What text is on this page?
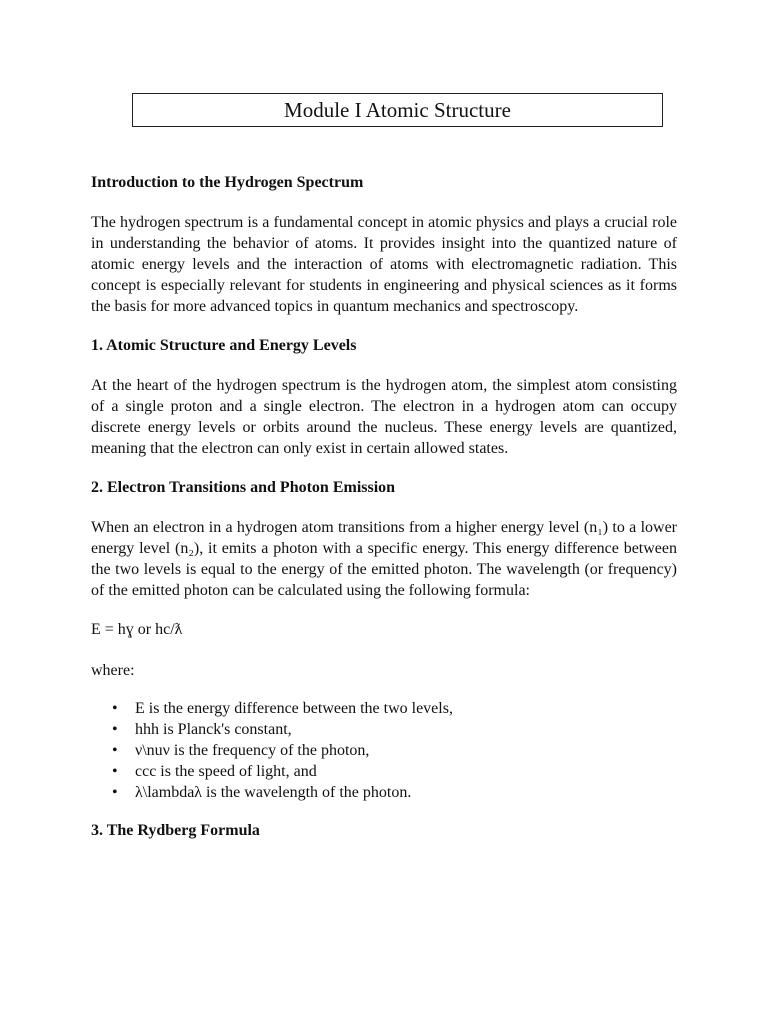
Module I Atomic Structure

Introduction to the Hydrogen Spectrum

The hydrogen spectrum is a fundamental concept in atomic physics and plays a crucial role in understanding the behavior of atoms. It provides insight into the quantized nature of atomic energy levels and the interaction of atoms with electromagnetic radiation. This concept is especially relevant for students in engineering and physical sciences as it forms the basis for more advanced topics in quantum mechanics and spectroscopy.

1. Atomic Structure and Energy Levels

At the heart of the hydrogen spectrum is the hydrogen atom, the simplest atom consisting of a single proton and a single electron. The electron in a hydrogen atom can occupy discrete energy levels or orbits around the nucleus. These energy levels are quantized, meaning that the electron can only exist in certain allowed states.

2. Electron Transitions and Photon Emission

When an electron in a hydrogen atom transitions from a higher energy level (n₁) to a lower energy level (n₂), it emits a photon with a specific energy. This energy difference between the two levels is equal to the energy of the emitted photon. The wavelength (or frequency) of the emitted photon can be calculated using the following formula:

E = hɣ or hc/ƛ

where:

• E is the energy difference between the two levels,
• hhh is Planck's constant,
• ν\nuν is the frequency of the photon,
• ccc is the speed of light, and
• λ\lambdaλ is the wavelength of the photon.

3. The Rydberg Formula
